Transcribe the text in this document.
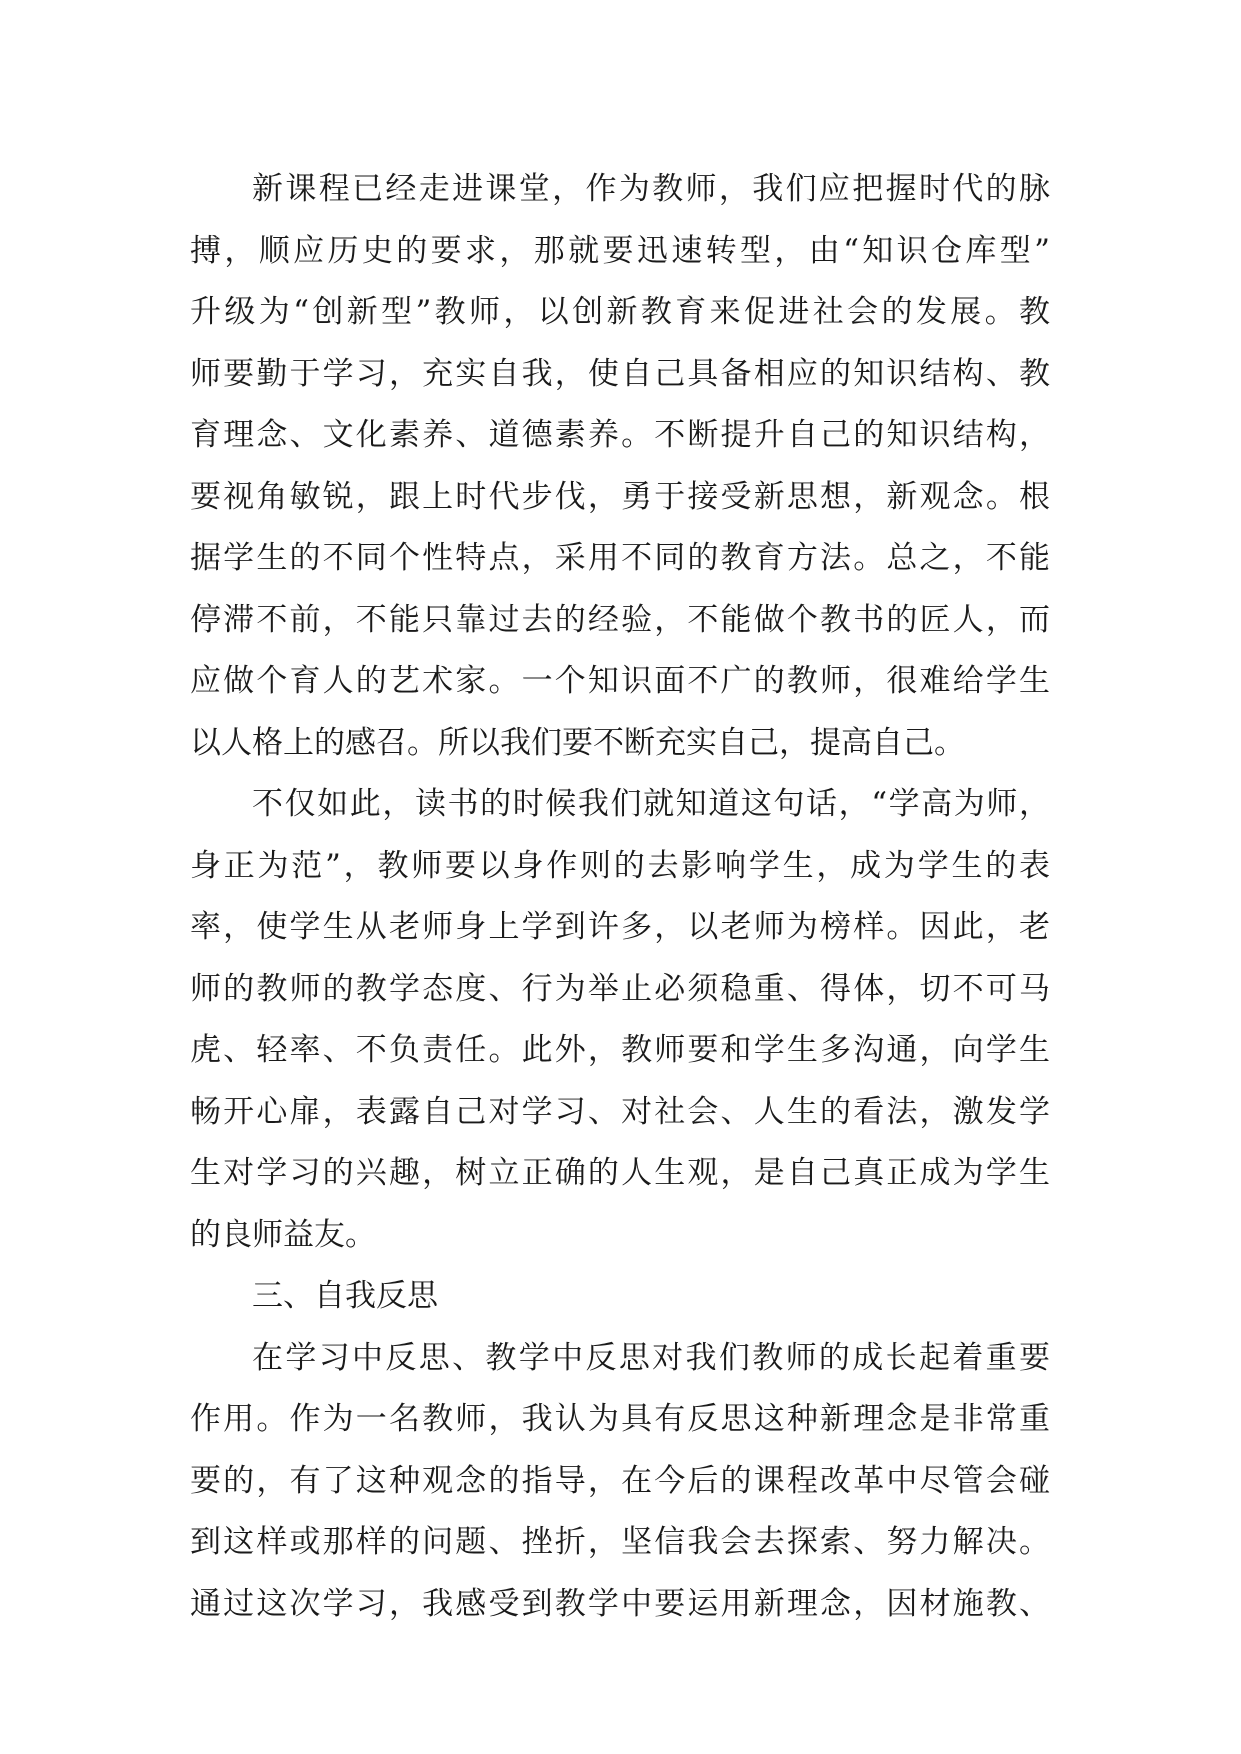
新课程已经走进课堂，作为教师，我们应把握时代的脉
搏，顺应历史的要求，那就要迅速转型，由“知识仓库型”
升级为“创新型”教师，以创新教育来促进社会的发展。教
师要勤于学习，充实自我，使自己具备相应的知识结构、教
育理念、文化素养、道德素养。不断提升自己的知识结构，
要视角敏锐，跟上时代步伐，勇于接受新思想，新观念。根
据学生的不同个性特点，采用不同的教育方法。总之，不能
停滞不前，不能只靠过去的经验，不能做个教书的匠人，而
应做个育人的艺术家。一个知识面不广的教师，很难给学生
以人格上的感召。所以我们要不断充实自己，提高自己。
不仅如此，读书的时候我们就知道这句话，“学高为师，
身正为范”，教师要以身作则的去影响学生，成为学生的表
率，使学生从老师身上学到许多，以老师为榜样。因此，老
师的教师的教学态度、行为举止必须稳重、得体，切不可马
虎、轻率、不负责任。此外，教师要和学生多沟通，向学生
畅开心扉，表露自己对学习、对社会、人生的看法，激发学
生对学习的兴趣，树立正确的人生观，是自己真正成为学生
的良师益友。
三、自我反思
在学习中反思、教学中反思对我们教师的成长起着重要
作用。作为一名教师，我认为具有反思这种新理念是非常重
要的，有了这种观念的指导，在今后的课程改革中尽管会碰
到这样或那样的问题、挫折，坚信我会去探索、努力解决。
通过这次学习，我感受到教学中要运用新理念，因材施教、
